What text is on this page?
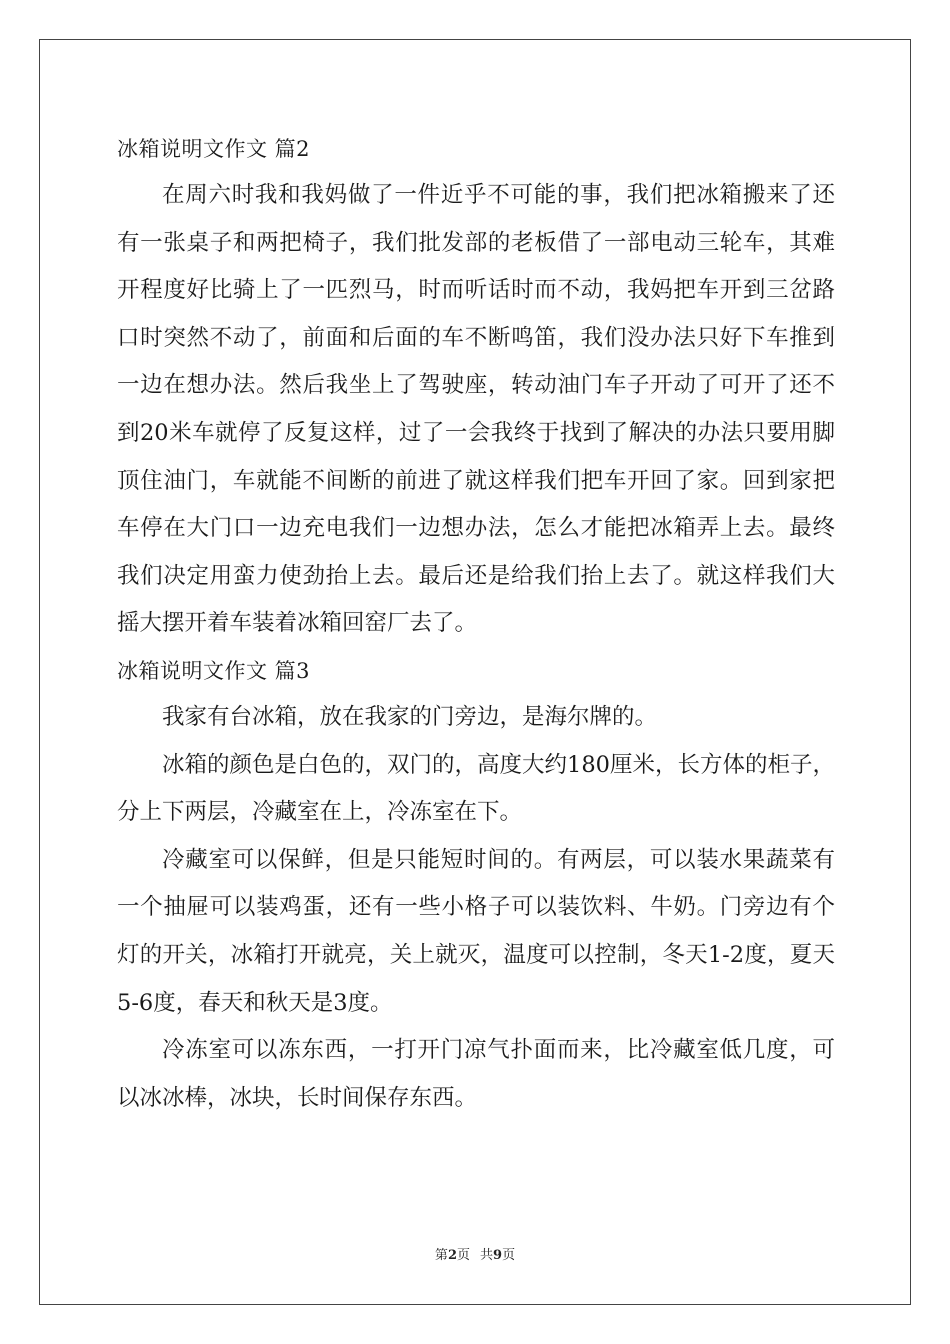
冰箱说明文作文 篇2

在周六时我和我妈做了一件近乎不可能的事，我们把冰箱搬来了还有一张桌子和两把椅子，我们批发部的老板借了一部电动三轮车，其难开程度好比骑上了一匹烈马，时而听话时而不动，我妈把车开到三岔路口时突然不动了，前面和后面的车不断鸣笛，我们没办法只好下车推到一边在想办法。然后我坐上了驾驶座，转动油门车子开动了可开了还不到20米车就停了反复这样，过了一会我终于找到了解决的办法只要用脚顶住油门，车就能不间断的前进了就这样我们把车开回了家。回到家把车停在大门口一边充电我们一边想办法，怎么才能把冰箱弄上去。最终我们决定用蛮力使劲抬上去。最后还是给我们抬上去了。就这样我们大摇大摆开着车装着冰箱回窑厂去了。

冰箱说明文作文 篇3

我家有台冰箱，放在我家的门旁边，是海尔牌的。

冰箱的颜色是白色的，双门的，高度大约180厘米，长方体的柜子，分上下两层，冷藏室在上，冷冻室在下。

冷藏室可以保鲜，但是只能短时间的。有两层，可以装水果蔬菜有一个抽屉可以装鸡蛋，还有一些小格子可以装饮料、牛奶。门旁边有个灯的开关，冰箱打开就亮，关上就灭，温度可以控制，冬天1-2度，夏天5-6度，春天和秋天是3度。

冷冻室可以冻东西，一打开门凉气扑面而来，比冷藏室低几度，可以冰冰棒，冰块，长时间保存东西。

第2页 共9页
